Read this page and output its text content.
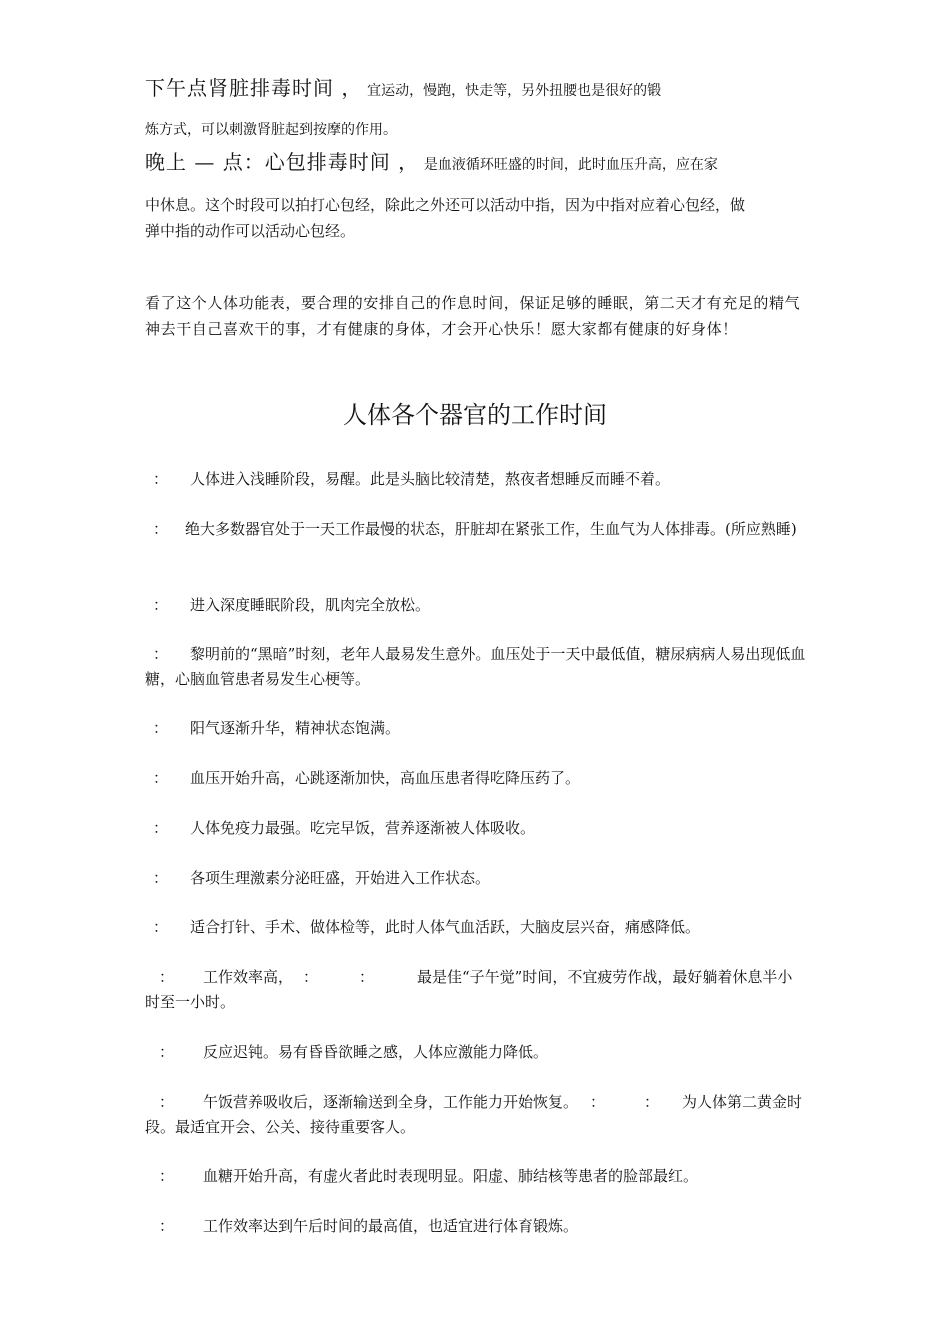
下午点肾脏排毒时间 ， 宜运动，慢跑，快走等，另外扭腰也是很好的锻
炼方式，可以刺激肾脏起到按摩的作用。
晚上 — 点：心包排毒时间 ， 是血液循环旺盛的时间，此时血压升高，应在家
中休息。这个时段可以拍打心包经，除此之外还可以活动中指，因为中指对应着心包经，做
弹中指的动作可以活动心包经。
看了这个人体功能表，要合理的安排自己的作息时间，保证足够的睡眠，第二天才有充足的精气神去干自己喜欢干的事，才有健康的身体，才会开心快乐！愿大家都有健康的好身体！
人体各个器官的工作时间
： 人体进入浅睡阶段，易醒。此是头脑比较清楚，熬夜者想睡反而睡不着。
： 绝大多数器官处于一天工作最慢的状态，肝脏却在紧张工作，生血气为人体排毒。(所应熟睡)
： 进入深度睡眠阶段，肌肉完全放松。
： 黎明前的“黑暗”时刻，老年人最易发生意外。血压处于一天中最低值，糖尿病病人易出现低血糖，心脑血管患者易发生心梗等。
： 阳气逐渐升华，精神状态饱满。
： 血压开始升高，心跳逐渐加快，高血压患者得吃降压药了。
： 人体免疫力最强。吃完早饭，营养逐渐被人体吸收。
： 各项生理激素分泌旺盛，开始进入工作状态。
： 适合打针、手术、做体检等，此时人体气血活跃，大脑皮层兴奋，痛感降低。
： 工作效率高， ：	：	最是佳“子午觉”时间，不宜疲劳作战，最好躺着休息半小时至一小时。
： 反应迟钝。易有昏昏欲睡之感，人体应激能力降低。
： 午饭营养吸收后，逐渐输送到全身，工作能力开始恢复。 ：	： 为人体第二黄金时段。最适宜开会、公关、接待重要客人。
： 血糖开始升高，有虚火者此时表现明显。阳虚、肺结核等患者的脸部最红。
： 工作效率达到午后时间的最高值，也适宜进行体育锻炼。
